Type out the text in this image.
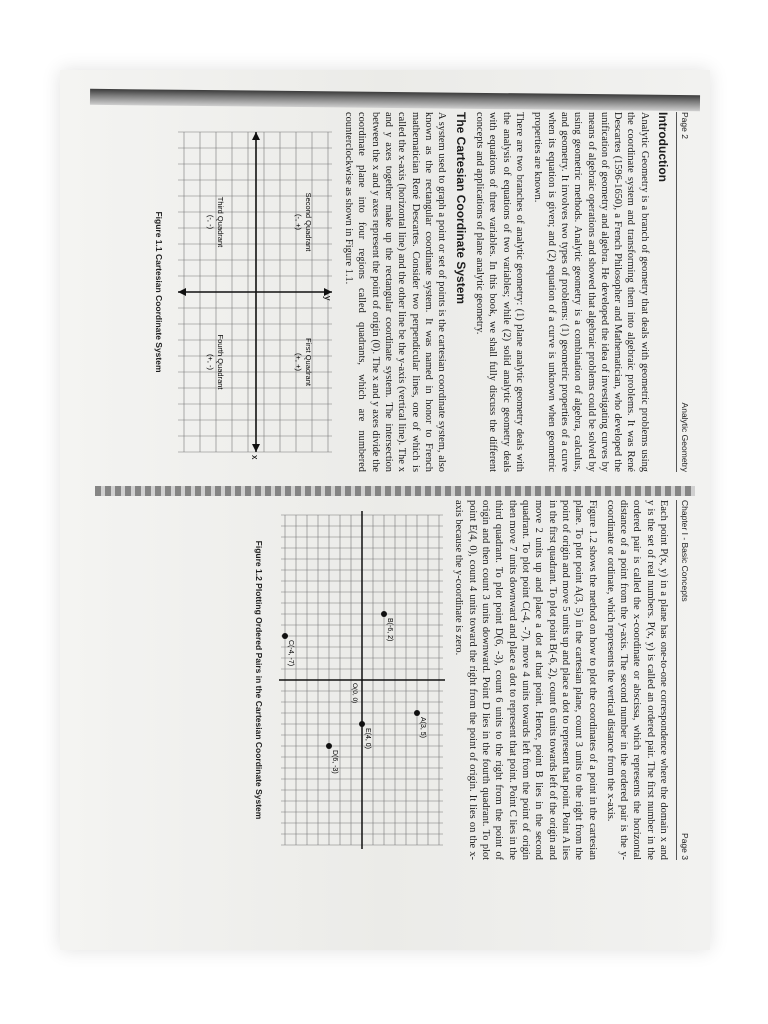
Page 2
Analytic Geometry
Introduction

Analytic Geometry is a branch of geometry that deals with geometric problems using the coordinate system and transforming them into algebraic problems. It was René Descartes (1596-1650), a French Philosopher and Mathematician, who developed the unification of geometry and algebra. He developed the idea of investigating curves by means of algebraic operations and showed that algebraic problems could be solved by using geometric methods. Analytic geometry is a combination of algebra, calculus, and geometry. It involves two types of problems: (1) geometric properties of a curve when its equation is given; and (2) equation of a curve is unknown when geometric properties are known.

There are two branches of analytic geometry: (1) plane analytic geometry deals with the analysis of equations of two variables; while (2) solid analytic geometry deals with equations of three variables. In this book, we shall fully discuss the different concepts and applications of plane analytic geometry.

The Cartesian Coordinate System

A system used to graph a point or set of points is the cartesian coordinate system, also known as the rectangular coordinate system. It was named in honor to French mathematician René Descartes. Consider two perpendicular lines, one of which is called the x-axis (horizontal line) and the other line be the y-axis (vertical line). The x and y axes together make up the rectangular coordinate system. The intersection between the x and y axes represent the point of origin (0). The x and y axes divide the coordinate plane into four regions called quadrants, which are numbered counterclockwise as shown in Figure 1.1.

x
y
Second Quadrant
(-, +)
First Quadrant
(+, +)
Third Quadrant
(-, -)
Fourth Quadrant
(+, -)
Figure 1.1 Cartesian Coordinate System
Chapter I - Basic Concepts
Page 3

Each point P(x, y) in a plane has one-to-one correspondence where the domain x and y is the set of real numbers. P(x, y) is called an ordered pair. The first number in the ordered pair is called the x-coordinate or abscissa, which represents the horizontal distance of a point from the y-axis. The second number in the ordered pair is the y-coordinate or ordinate, which represents the vertical distance from the x-axis.

Figure 1.2 shows the method on how to plot the coordinates of a point in the cartesian plane. To plot point A(3, 5) in the cartesian plane, count 3 units to the right from the point of origin and move 5 units up and place a dot to represent that point. Point A lies in the first quadrant. To plot point B(-6, 2), count 6 units towards left of the origin and move 2 units up and place a dot at that point. Hence, point B lies in the second quadrant. To plot point C(-4, -7), move 4 units towards left from the point of origin then move 7 units downward and place a dot to represent that point. Point C lies in the third quadrant. To plot point D(6, -3), count 6 units to the right from the point of origin and then count 3 units downward. Point D lies in the fourth quadrant. To plot point E(4, 0), count 4 units toward the right from the point of origin. It lies on the x-axis because the y-coordinate is zero.

O(0, 0)
A(3, 5)
B(-6, 2)
C(-4, -7)
D(6, -3)
E(4, 0)
Figure 1.2 Plotting Ordered Pairs in the Cartesian Coordinate System
